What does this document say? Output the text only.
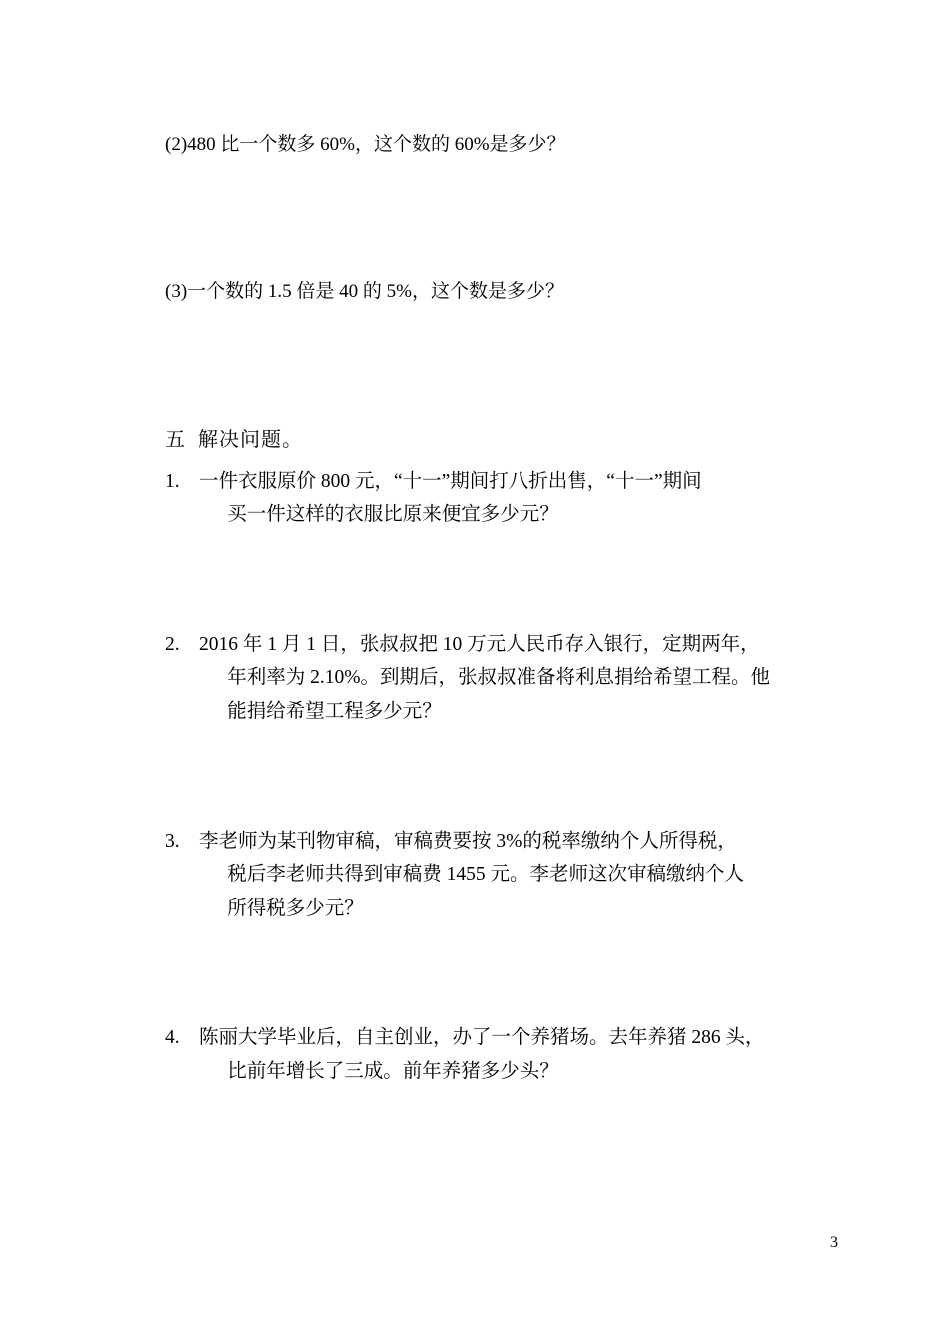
(2)480 比一个数多 60%，这个数的 60%是多少？
(3)一个数的 1.5 倍是 40 的 5%，这个数是多少？
五 解决问题。
1. 一件衣服原价 800 元，“十一”期间打八折出售，“十一”期间

买一件这样的衣服比原来便宜多少元？

2. 2016 年 1 月 1 日，张叔叔把 10 万元人民币存入银行，定期两年，

年利率为 2.10%。到期后，张叔叔准备将利息捐给希望工程。他

能捐给希望工程多少元？

3. 李老师为某刊物审稿，审稿费要按 3%的税率缴纳个人所得税，

税后李老师共得到审稿费 1455 元。李老师这次审稿缴纳个人

所得税多少元？

4. 陈丽大学毕业后，自主创业，办了一个养猪场。去年养猪 286 头，

比前年增长了三成。前年养猪多少头？

3
